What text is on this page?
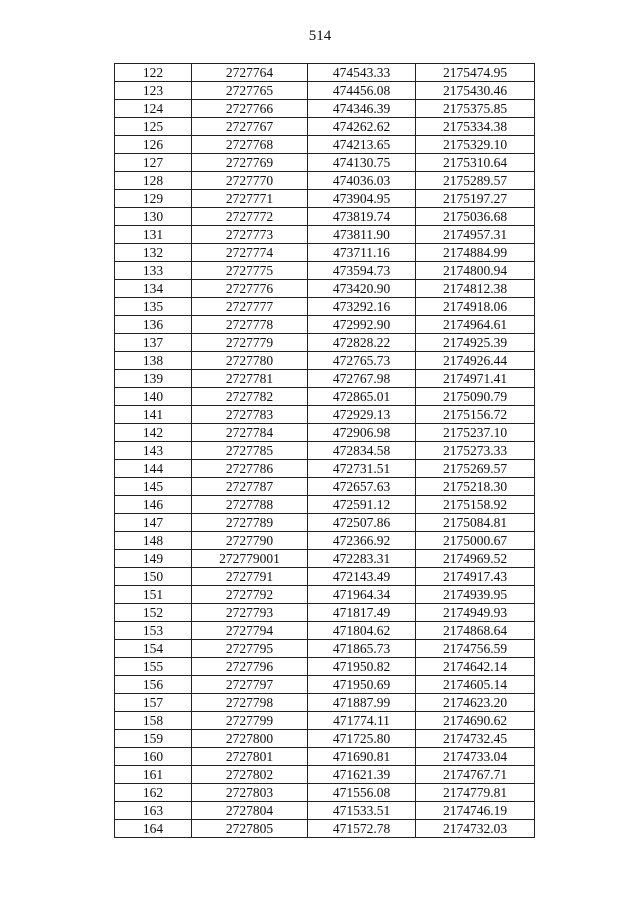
514
122	2727764	474543.33	2175474.95
123	2727765	474456.08	2175430.46
124	2727766	474346.39	2175375.85
125	2727767	474262.62	2175334.38
126	2727768	474213.65	2175329.10
127	2727769	474130.75	2175310.64
128	2727770	474036.03	2175289.57
129	2727771	473904.95	2175197.27
130	2727772	473819.74	2175036.68
131	2727773	473811.90	2174957.31
132	2727774	473711.16	2174884.99
133	2727775	473594.73	2174800.94
134	2727776	473420.90	2174812.38
135	2727777	473292.16	2174918.06
136	2727778	472992.90	2174964.61
137	2727779	472828.22	2174925.39
138	2727780	472765.73	2174926.44
139	2727781	472767.98	2174971.41
140	2727782	472865.01	2175090.79
141	2727783	472929.13	2175156.72
142	2727784	472906.98	2175237.10
143	2727785	472834.58	2175273.33
144	2727786	472731.51	2175269.57
145	2727787	472657.63	2175218.30
146	2727788	472591.12	2175158.92
147	2727789	472507.86	2175084.81
148	2727790	472366.92	2175000.67
149	272779001	472283.31	2174969.52
150	2727791	472143.49	2174917.43
151	2727792	471964.34	2174939.95
152	2727793	471817.49	2174949.93
153	2727794	471804.62	2174868.64
154	2727795	471865.73	2174756.59
155	2727796	471950.82	2174642.14
156	2727797	471950.69	2174605.14
157	2727798	471887.99	2174623.20
158	2727799	471774.11	2174690.62
159	2727800	471725.80	2174732.45
160	2727801	471690.81	2174733.04
161	2727802	471621.39	2174767.71
162	2727803	471556.08	2174779.81
163	2727804	471533.51	2174746.19
164	2727805	471572.78	2174732.03
